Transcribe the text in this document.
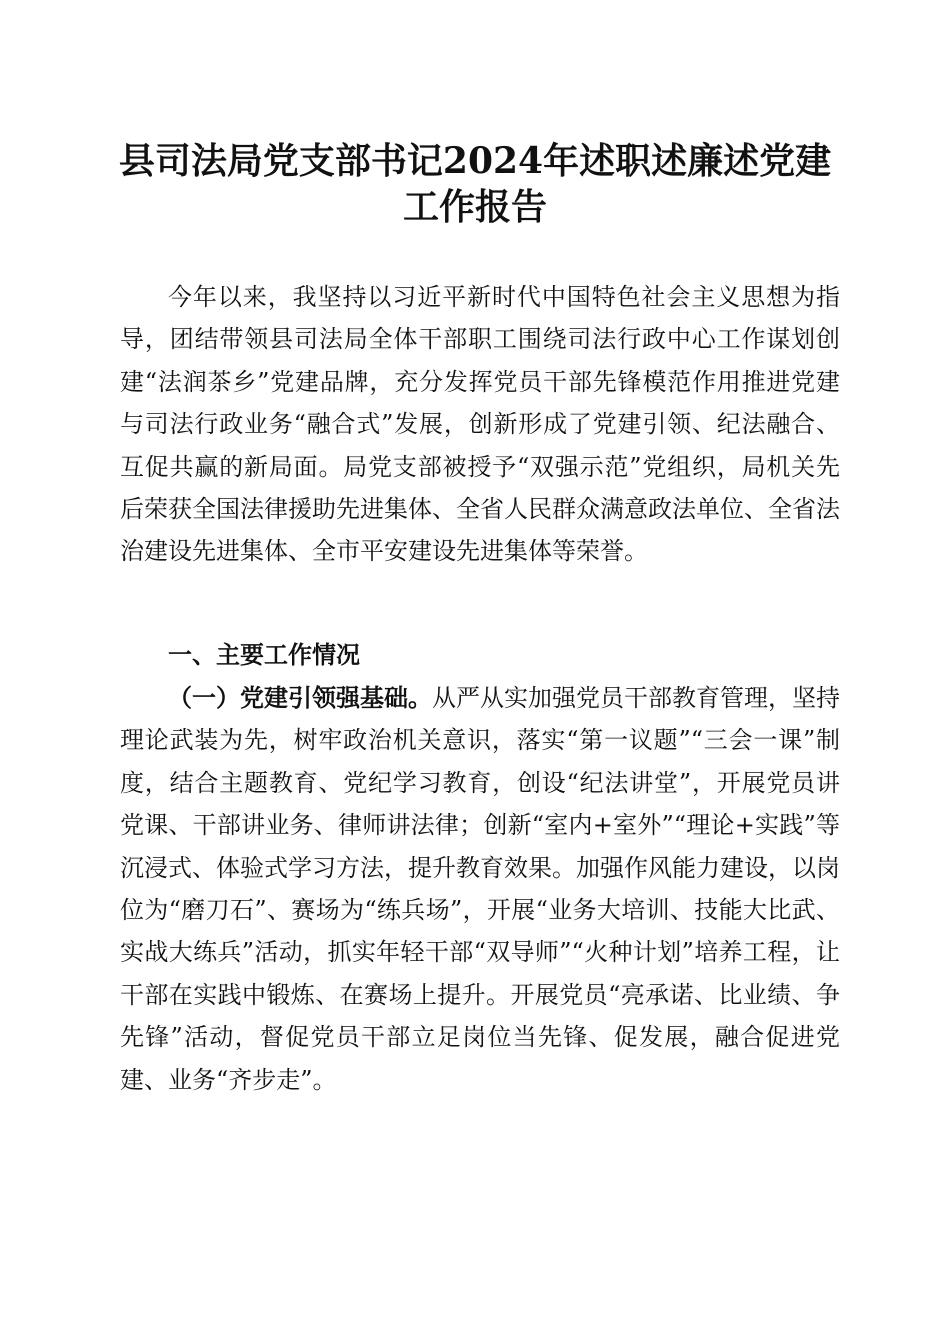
县司法局党支部书记2024年述职述廉述党建
工作报告

今年以来，我坚持以习近平新时代中国特色社会主义思想为指导，团结带领县司法局全体干部职工围绕司法行政中心工作谋划创建“法润茶乡”党建品牌，充分发挥党员干部先锋模范作用推进党建与司法行政业务“融合式”发展，创新形成了党建引领、纪法融合、互促共赢的新局面。局党支部被授予“双强示范”党组织，局机关先后荣获全国法律援助先进集体、全省人民群众满意政法单位、全省法治建设先进集体、全市平安建设先进集体等荣誉。

一、主要工作情况

（一）党建引领强基础。从严从实加强党员干部教育管理，坚持理论武装为先，树牢政治机关意识，落实“第一议题”“三会一课”制度，结合主题教育、党纪学习教育，创设“纪法讲堂”，开展党员讲党课、干部讲业务、律师讲法律；创新“室内+室外”“理论+实践”等沉浸式、体验式学习方法，提升教育效果。加强作风能力建设，以岗位为“磨刀石”、赛场为“练兵场”，开展“业务大培训、技能大比武、实战大练兵”活动，抓实年轻干部“双导师”“火种计划”培养工程，让干部在实践中锻炼、在赛场上提升。开展党员“亮承诺、比业绩、争先锋”活动，督促党员干部立足岗位当先锋、促发展，融合促进党建、业务“齐步走”。
